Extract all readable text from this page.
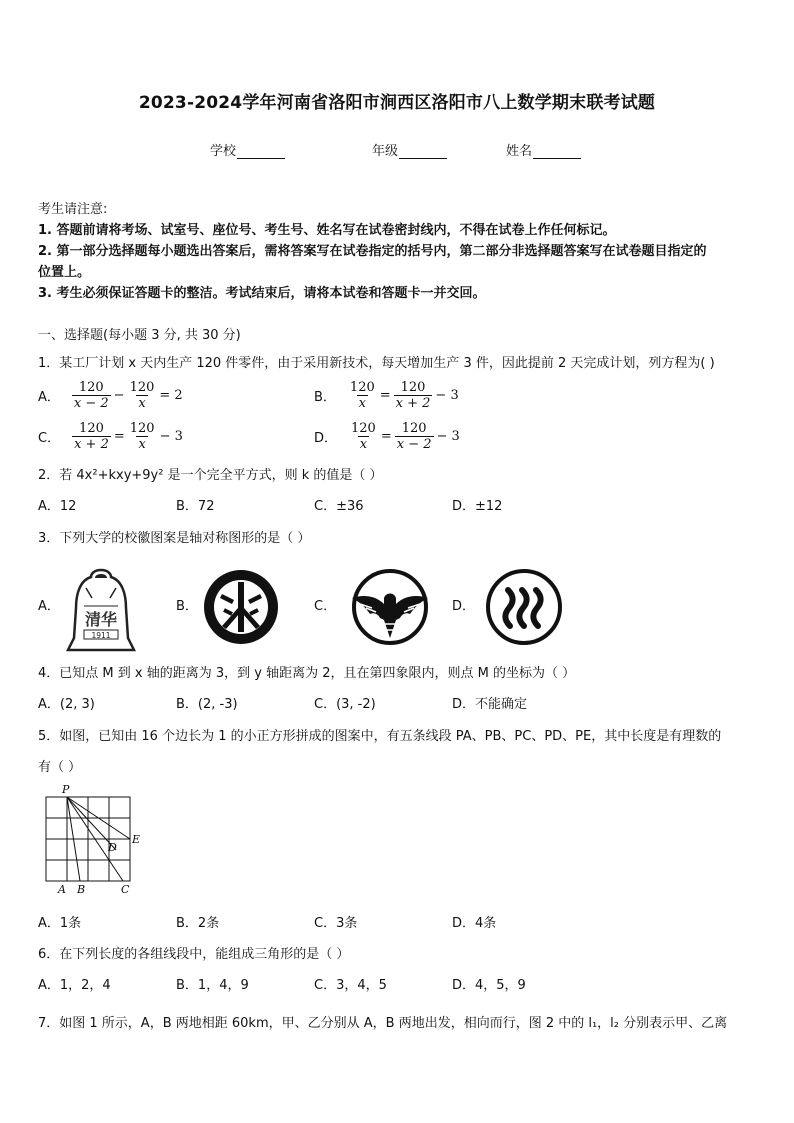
2023-2024学年河南省洛阳市涧西区洛阳市八上数学期末联考试题
学校	年级	姓名
考生请注意:
1. 答题前请将考场、试室号、座位号、考生号、姓名写在试卷密封线内，不得在试卷上作任何标记。
2. 第一部分选择题每小题选出答案后，需将答案写在试卷指定的括号内，第二部分非选择题答案写在试卷题目指定的
位置上。
3. 考生必须保证答题卡的整洁。考试结束后，请将本试卷和答题卡一并交回。
一、选择题(每小题 3 分, 共 30 分)
1．某工厂计划 x 天内生产 120 件零件，由于采用新技术，每天增加生产 3 件，因此提前 2 天完成计划，列方程为( )
A． $\frac{120}{x - 2} - \frac{120}{x} = 2$	B． $\frac{120}{x} = \frac{120}{x + 2} - 3$
C． $\frac{120}{x + 2} = \frac{120}{x} - 3$	D． $\frac{120}{x} = \frac{120}{x - 2} - 3$
2．若 4x²+kxy+9y² 是一个完全平方式，则 k 的值是（ ）
A．12	B．72	C．±36	D．±12
3．下列大学的校徽图案是轴对称图形的是（ ）
A．	B．	C．	D．
清华
1911
4．已知点 M 到 x 轴的距离为 3，到 y 轴距离为 2，且在第四象限内，则点 M 的坐标为（ ）
A．(2, 3)	B．(2, -3)	C．(3, -2)	D．不能确定
5．如图，已知由 16 个边长为 1 的小正方形拼成的图案中，有五条线段 PA、PB、PC、PD、PE，其中长度是有理数的
有（ ）
P
A B	C
D
E
A．1条	B．2条	C．3条	D．4条
6．在下列长度的各组线段中，能组成三角形的是（ ）
A．1，2，4	B．1，4，9	C．3，4，5	D．4，5，9
7．如图 1 所示，A，B 两地相距 60km，甲、乙分别从 A，B 两地出发，相向而行，图 2 中的 l₁，l₂ 分别表示甲、乙离
